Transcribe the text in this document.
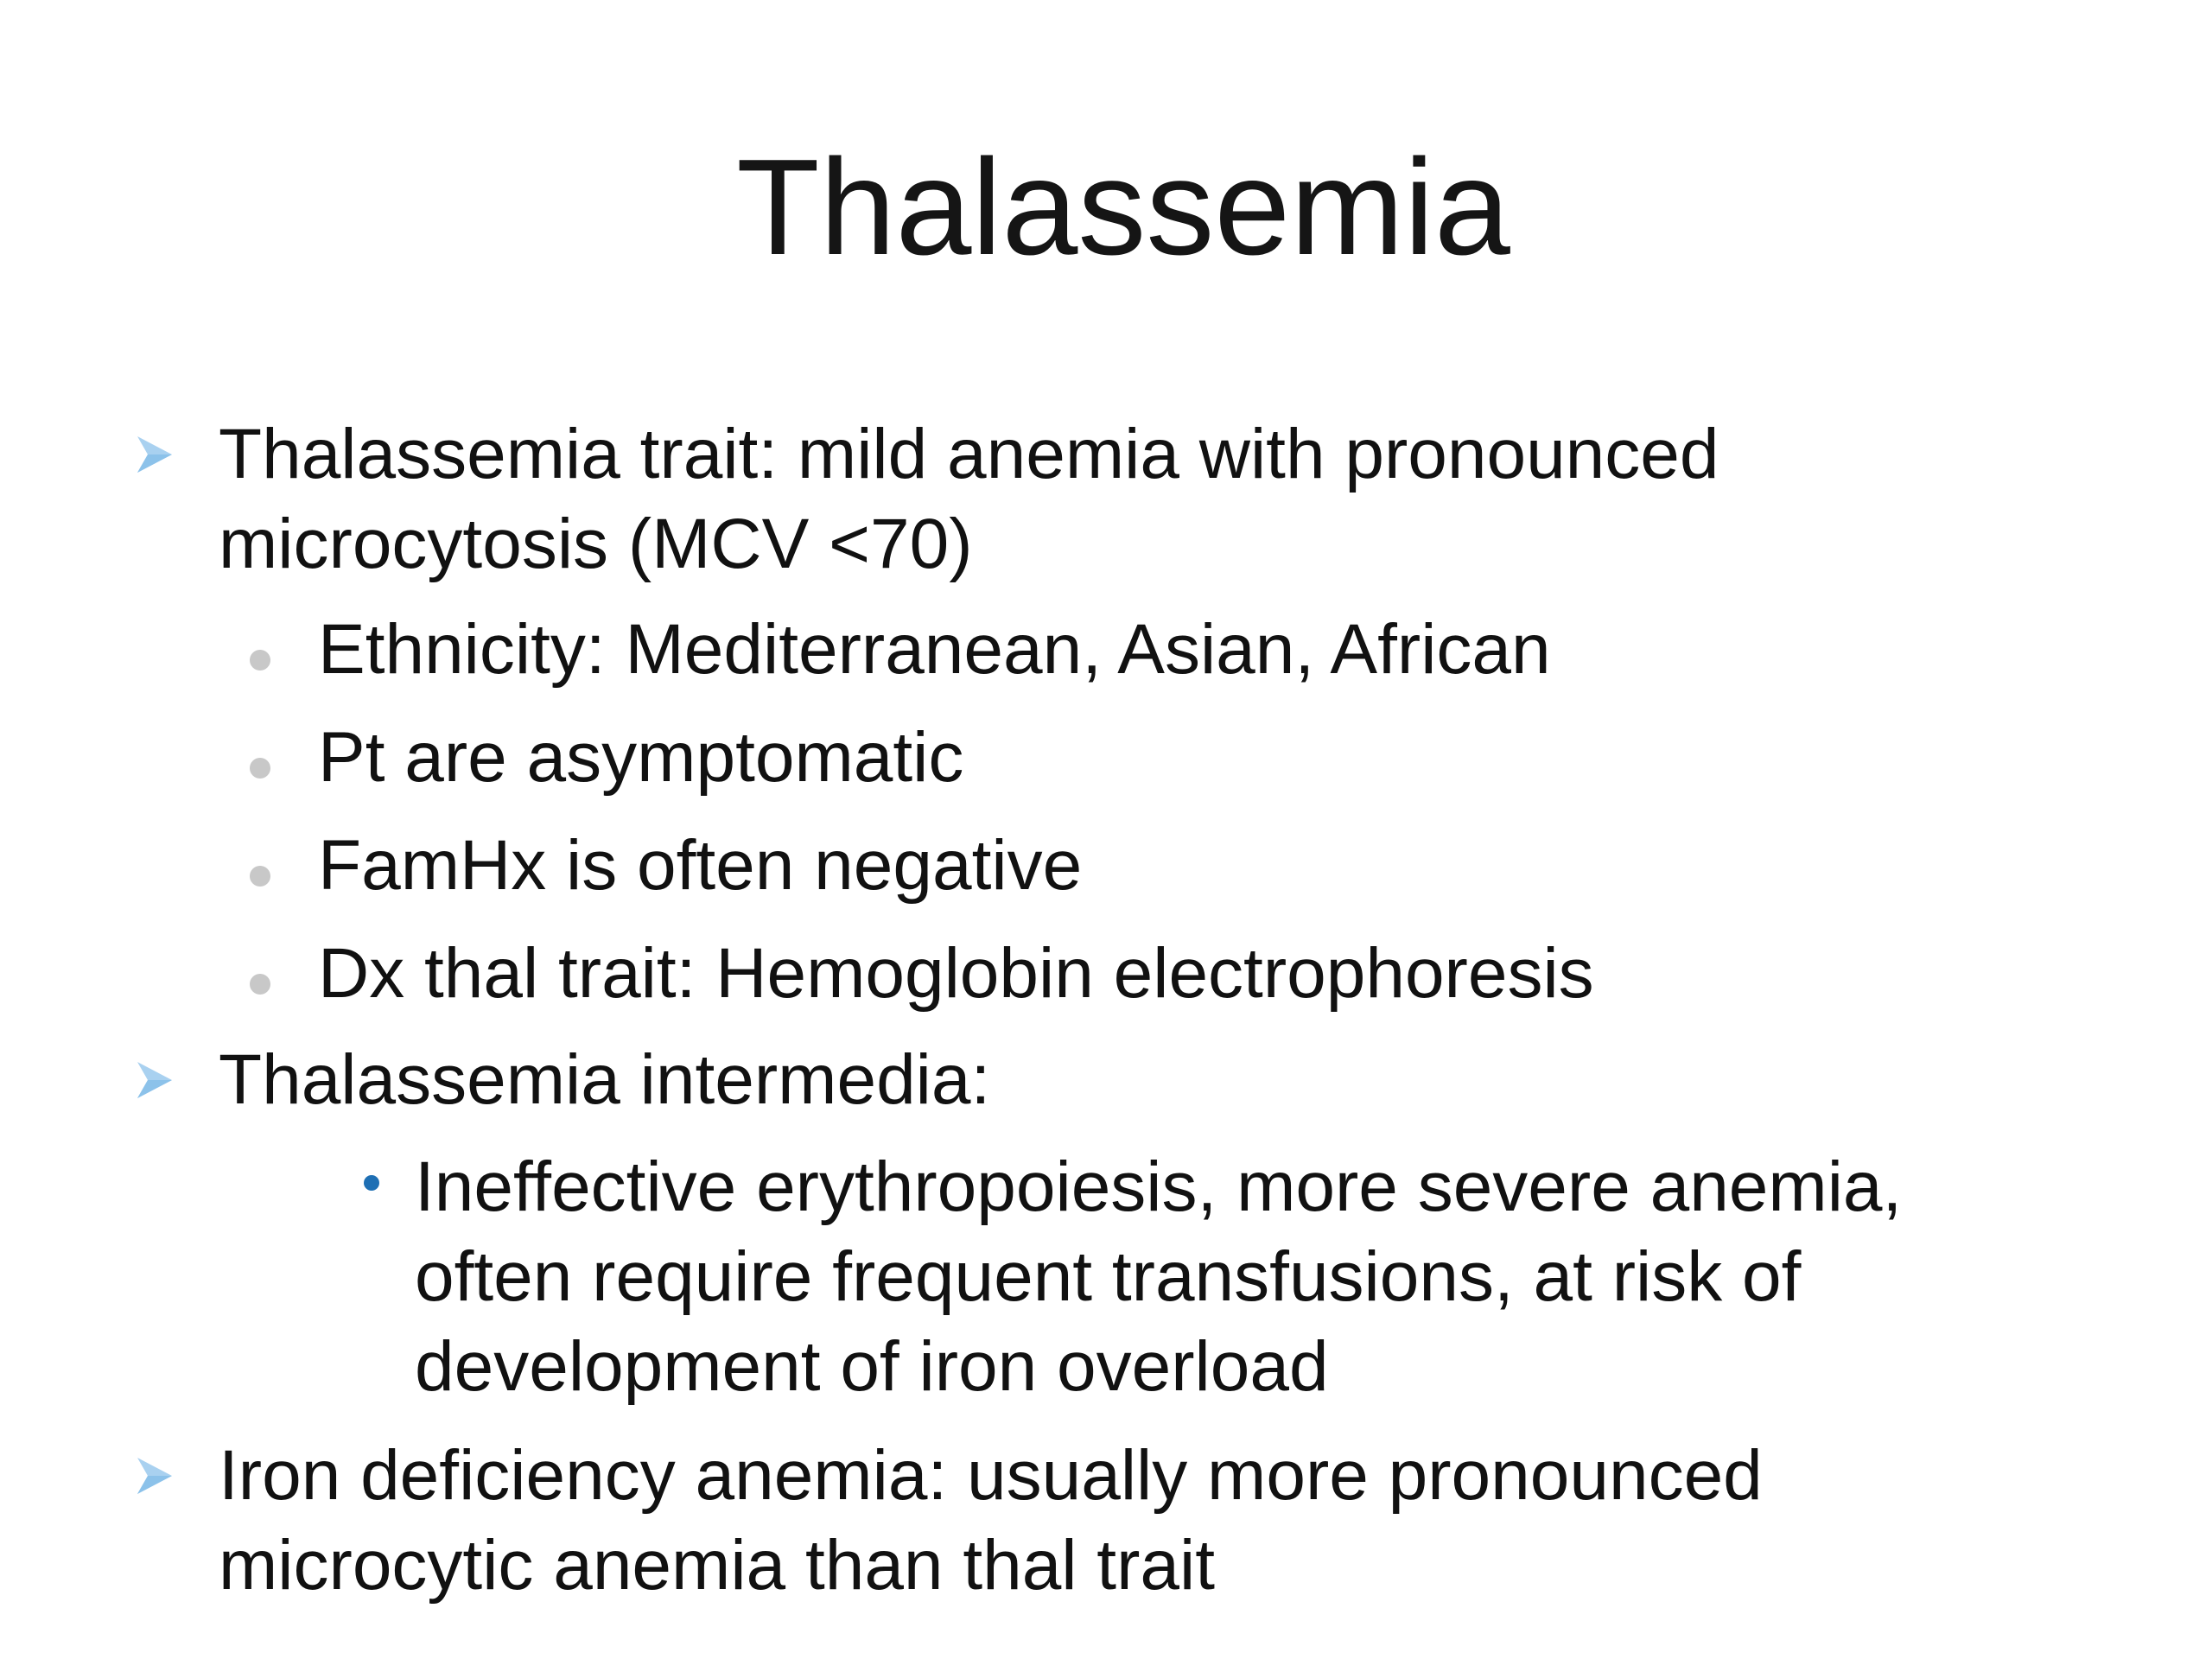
Thalassemia
Thalassemia trait: mild anemia with pronounced
microcytosis (MCV <70)
Ethnicity: Mediterranean, Asian, African
Pt are asymptomatic
FamHx is often negative
Dx thal trait: Hemoglobin electrophoresis
Thalassemia intermedia:
Ineffective erythropoiesis, more severe anemia,
often require frequent transfusions, at risk of
development of iron overload
Iron deficiency anemia: usually more pronounced
microcytic anemia than thal trait
